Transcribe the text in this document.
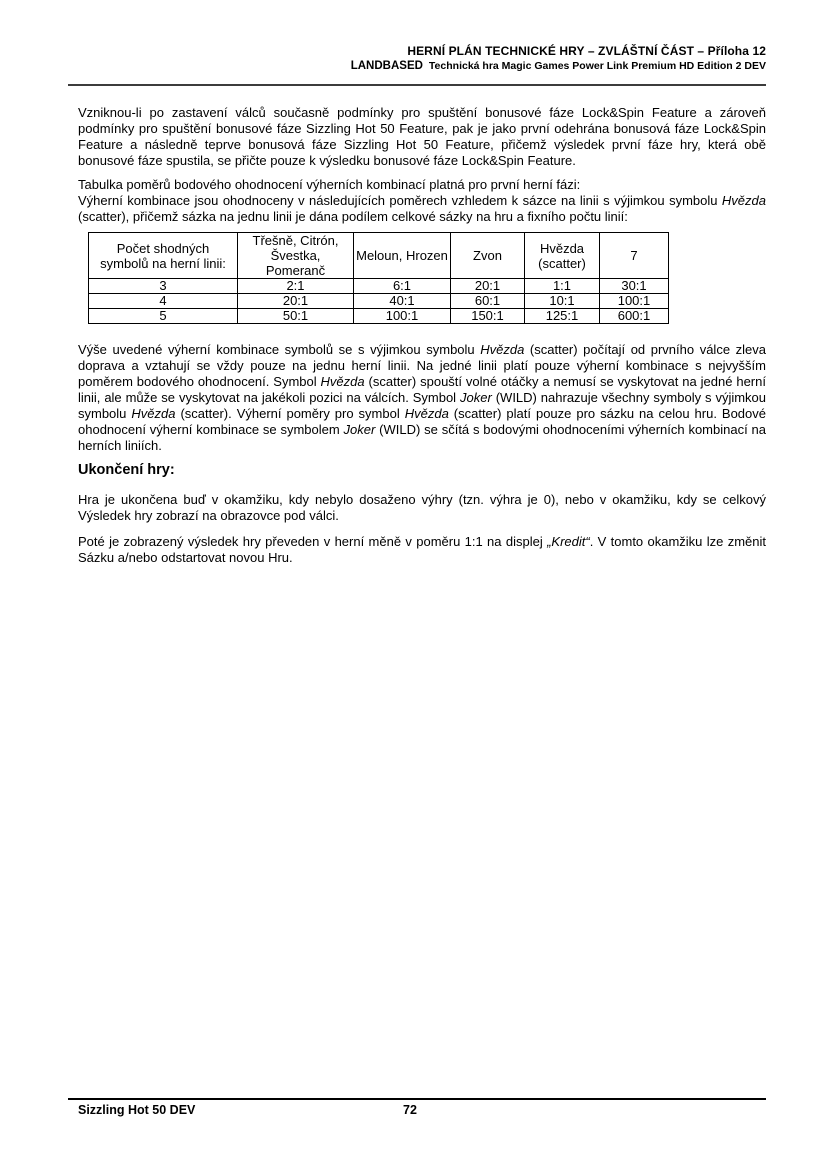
HERNÍ PLÁN TECHNICKÉ HRY – ZVLÁŠTNÍ ČÁST – Příloha 12
LANDBASED Technická hra Magic Games Power Link Premium HD Edition 2 DEV

Vzniknou-li po zastavení válců současně podmínky pro spuštění bonusové fáze Lock&Spin Feature a zároveň podmínky pro spuštění bonusové fáze Sizzling Hot 50 Feature, pak je jako první odehrána bonusová fáze Lock&Spin Feature a následně teprve bonusová fáze Sizzling Hot 50 Feature, přičemž výsledek první fáze hry, která obě bonusové fáze spustila, se přičte pouze k výsledku bonusové fáze Lock&Spin Feature.

Tabulka poměrů bodového ohodnocení výherních kombinací platná pro první herní fázi:

Výherní kombinace jsou ohodnoceny v následujících poměrech vzhledem k sázce na linii s výjimkou symbolu Hvězda (scatter), přičemž sázka na jednu linii je dána podílem celkové sázky na hru a fixního počtu linií:

Počet shodných symbolů na herní linii:	Třešně, Citrón, Švestka, Pomeranč	Meloun, Hrozen	Zvon	Hvězda (scatter)	7
3	2:1	6:1	20:1	1:1	30:1
4	20:1	40:1	60:1	10:1	100:1
5	50:1	100:1	150:1	125:1	600:1

Výše uvedené výherní kombinace symbolů se s výjimkou symbolu Hvězda (scatter) počítají od prvního válce zleva doprava a vztahují se vždy pouze na jednu herní linii. Na jedné linii platí pouze výherní kombinace s nejvyšším poměrem bodového ohodnocení. Symbol Hvězda (scatter) spouští volné otáčky a nemusí se vyskytovat na jedné herní linii, ale může se vyskytovat na jakékoli pozici na válcích. Symbol Joker (WILD) nahrazuje všechny symboly s výjimkou symbolu Hvězda (scatter). Výherní poměry pro symbol Hvězda (scatter) platí pouze pro sázku na celou hru. Bodové ohodnocení výherní kombinace se symbolem Joker (WILD) se sčítá s bodovými ohodnoceními výherních kombinací na herních liniích.

Ukončení hry:

Hra je ukončena buď v okamžiku, kdy nebylo dosaženo výhry (tzn. výhra je 0), nebo v okamžiku, kdy se celkový Výsledek hry zobrazí na obrazovce pod válci.

Poté je zobrazený výsledek hry převeden v herní měně v poměru 1:1 na displej „Kredit“. V tomto okamžiku lze změnit Sázku a/nebo odstartovat novou Hru.

Sizzling Hot 50 DEV	72
